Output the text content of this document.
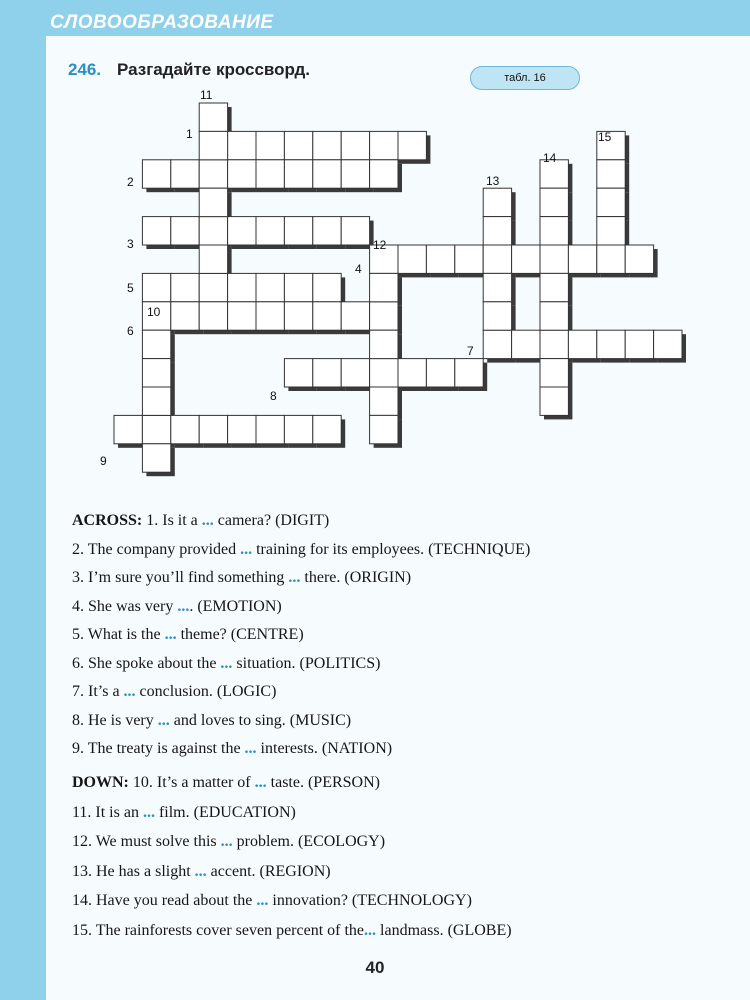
СЛОВООБРАЗОВАНИЕ
246. Разгадайте кроссворд.	табл. 16
1
2
3
4
5
6
7
8
9
10
11
12
13
14
15
ACROSS: 1. Is it a ... camera? (DIGIT)
2. The company provided ... training for its employees. (TECHNIQUE)
3. I’m sure you’ll find something ... there. (ORIGIN)
4. She was very .... (EMOTION)
5. What is the ... theme? (CENTRE)
6. She spoke about the ... situation. (POLITICS)
7. It’s a ... conclusion. (LOGIC)
8. He is very ... and loves to sing. (MUSIC)
9. The treaty is against the ... interests. (NATION)
DOWN: 10. It’s a matter of ... taste. (PERSON)
11. It is an ... film. (EDUCATION)
12. We must solve this ... problem. (ECOLOGY)
13. He has a slight ... accent. (REGION)
14. Have you read about the ... innovation? (TECHNOLOGY)
15. The rainforests cover seven percent of the... landmass. (GLOBE)
40
